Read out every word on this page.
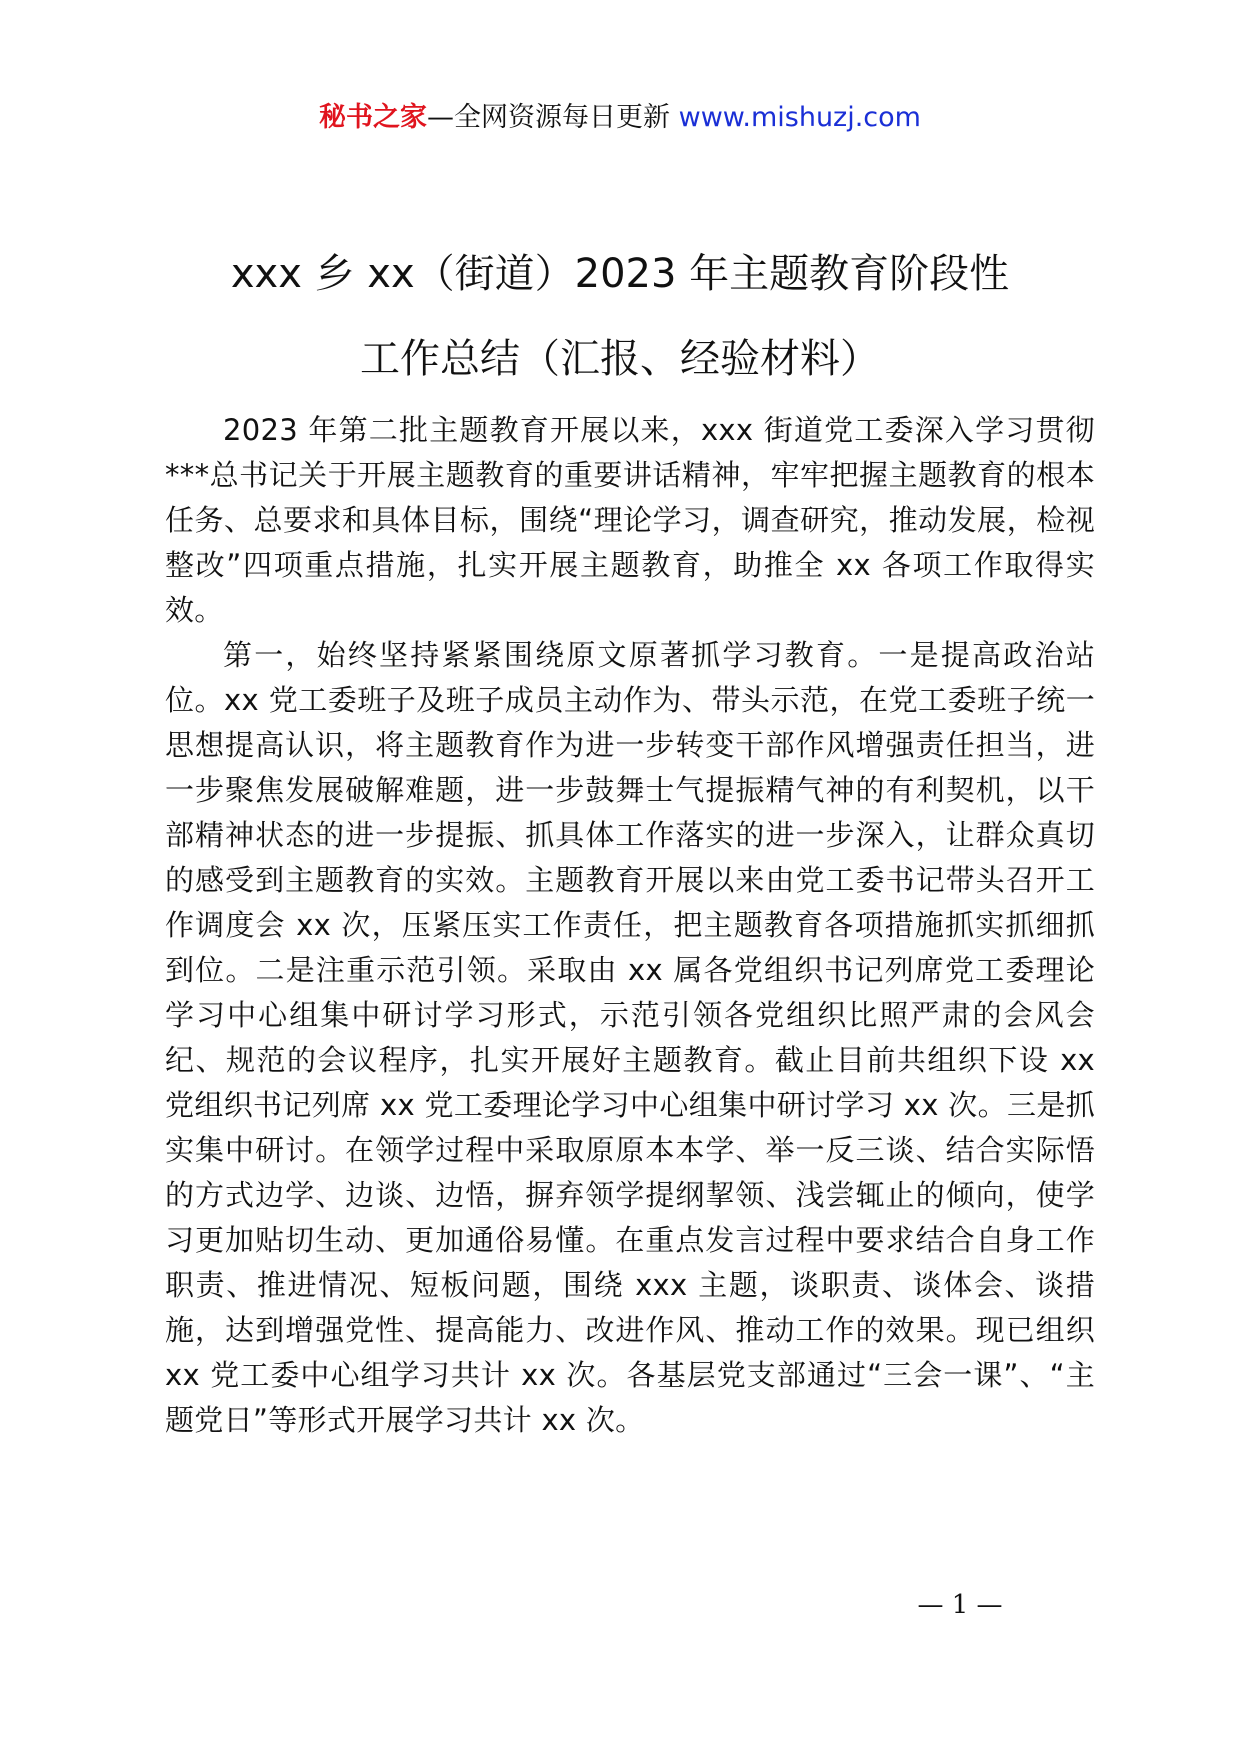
秘书之家—全网资源每日更新 www.mishuzj.com
xxx 乡 xx（街道）2023 年主题教育阶段性
工作总结（汇报、经验材料）

2023 年第二批主题教育开展以来，xxx 街道党工委深入学习贯彻***总书记关于开展主题教育的重要讲话精神，牢牢把握主题教育的根本任务、总要求和具体目标，围绕“理论学习，调查研究，推动发展，检视整改”四项重点措施，扎实开展主题教育，助推全 xx 各项工作取得实效。

第一，始终坚持紧紧围绕原文原著抓学习教育。一是提高政治站位。xx 党工委班子及班子成员主动作为、带头示范，在党工委班子统一思想提高认识，将主题教育作为进一步转变干部作风增强责任担当，进一步聚焦发展破解难题，进一步鼓舞士气提振精气神的有利契机，以干部精神状态的进一步提振、抓具体工作落实的进一步深入，让群众真切的感受到主题教育的实效。主题教育开展以来由党工委书记带头召开工作调度会 xx 次，压紧压实工作责任，把主题教育各项措施抓实抓细抓到位。二是注重示范引领。采取由 xx 属各党组织书记列席党工委理论学习中心组集中研讨学习形式，示范引领各党组织比照严肃的会风会纪、规范的会议程序，扎实开展好主题教育。截止目前共组织下设 xx 党组织书记列席 xx 党工委理论学习中心组集中研讨学习 xx 次。三是抓实集中研讨。在领学过程中采取原原本本学、举一反三谈、结合实际悟的方式边学、边谈、边悟，摒弃领学提纲挈领、浅尝辄止的倾向，使学习更加贴切生动、更加通俗易懂。在重点发言过程中要求结合自身工作职责、推进情况、短板问题，围绕 xxx 主题，谈职责、谈体会、谈措施，达到增强党性、提高能力、改进作风、推动工作的效果。现已组织 xx 党工委中心组学习共计 xx 次。各基层党支部通过“三会一课”、“主题党日”等形式开展学习共计 xx 次。

— 1 —
